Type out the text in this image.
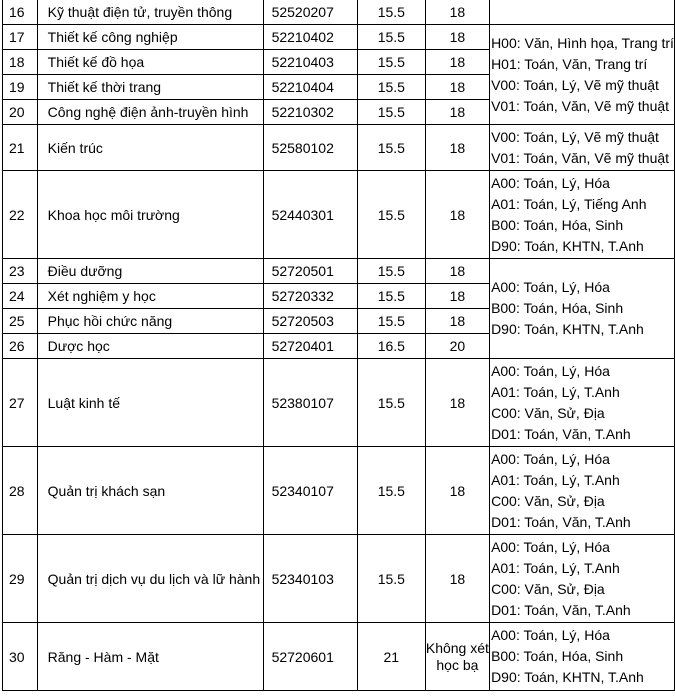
16	Kỹ thuật điện tử, truyền thông	52520207	15.5	18	
17	Thiết kế công nghiệp	52210402	15.5	18	H00: Văn, Hình họa, Trang trí
H01: Toán, Văn, Trang trí
V00: Toán, Lý, Vẽ mỹ thuật
V01: Toán, Văn, Vẽ mỹ thuật

18	Thiết kế đồ họa	52210403	15.5	18	
19	Thiết kế thời trang	52210404	15.5	18	
20	Công nghệ điện ảnh-truyền hình	52210302	15.5	18	
21	Kiến trúc	52580102	15.5	18	V00: Toán, Lý, Vẽ mỹ thuật
V01: Toán, Văn, Vẽ mỹ thuật

22	Khoa học môi trường	52440301	15.5	18	A00: Toán, Lý, Hóa
A01: Toán, Lý, Tiếng Anh
B00: Toán, Hóa, Sinh
D90: Toán, KHTN, T.Anh

23	Điều dưỡng	52720501	15.5	18	A00: Toán, Lý, Hóa
B00: Toán, Hóa, Sinh
D90: Toán, KHTN, T.Anh

24	Xét nghiệm y học	52720332	15.5	18	
25	Phục hồi chức năng	52720503	15.5	18	
26	Dược học	52720401	16.5	20	
27	Luật kinh tế	52380107	15.5	18	A00: Toán, Lý, Hóa
A01: Toán, Lý, T.Anh
C00: Văn, Sử, Địa
D01: Toán, Văn, T.Anh

28	Quản trị khách sạn	52340107	15.5	18	A00: Toán, Lý, Hóa
A01: Toán, Lý, T.Anh
C00: Văn, Sử, Địa
D01: Toán, Văn, T.Anh

29	Quản trị dịch vụ du lịch và lữ hành	52340103	15.5	18	A00: Toán, Lý, Hóa
A01: Toán, Lý, T.Anh
C00: Văn, Sử, Địa
D01: Toán, Văn, T.Anh

30	Răng - Hàm - Mặt	52720601	21	Không xét học bạ	A00: Toán, Lý, Hóa
B00: Toán, Hóa, Sinh
D90: Toán, KHTN, T.Anh
